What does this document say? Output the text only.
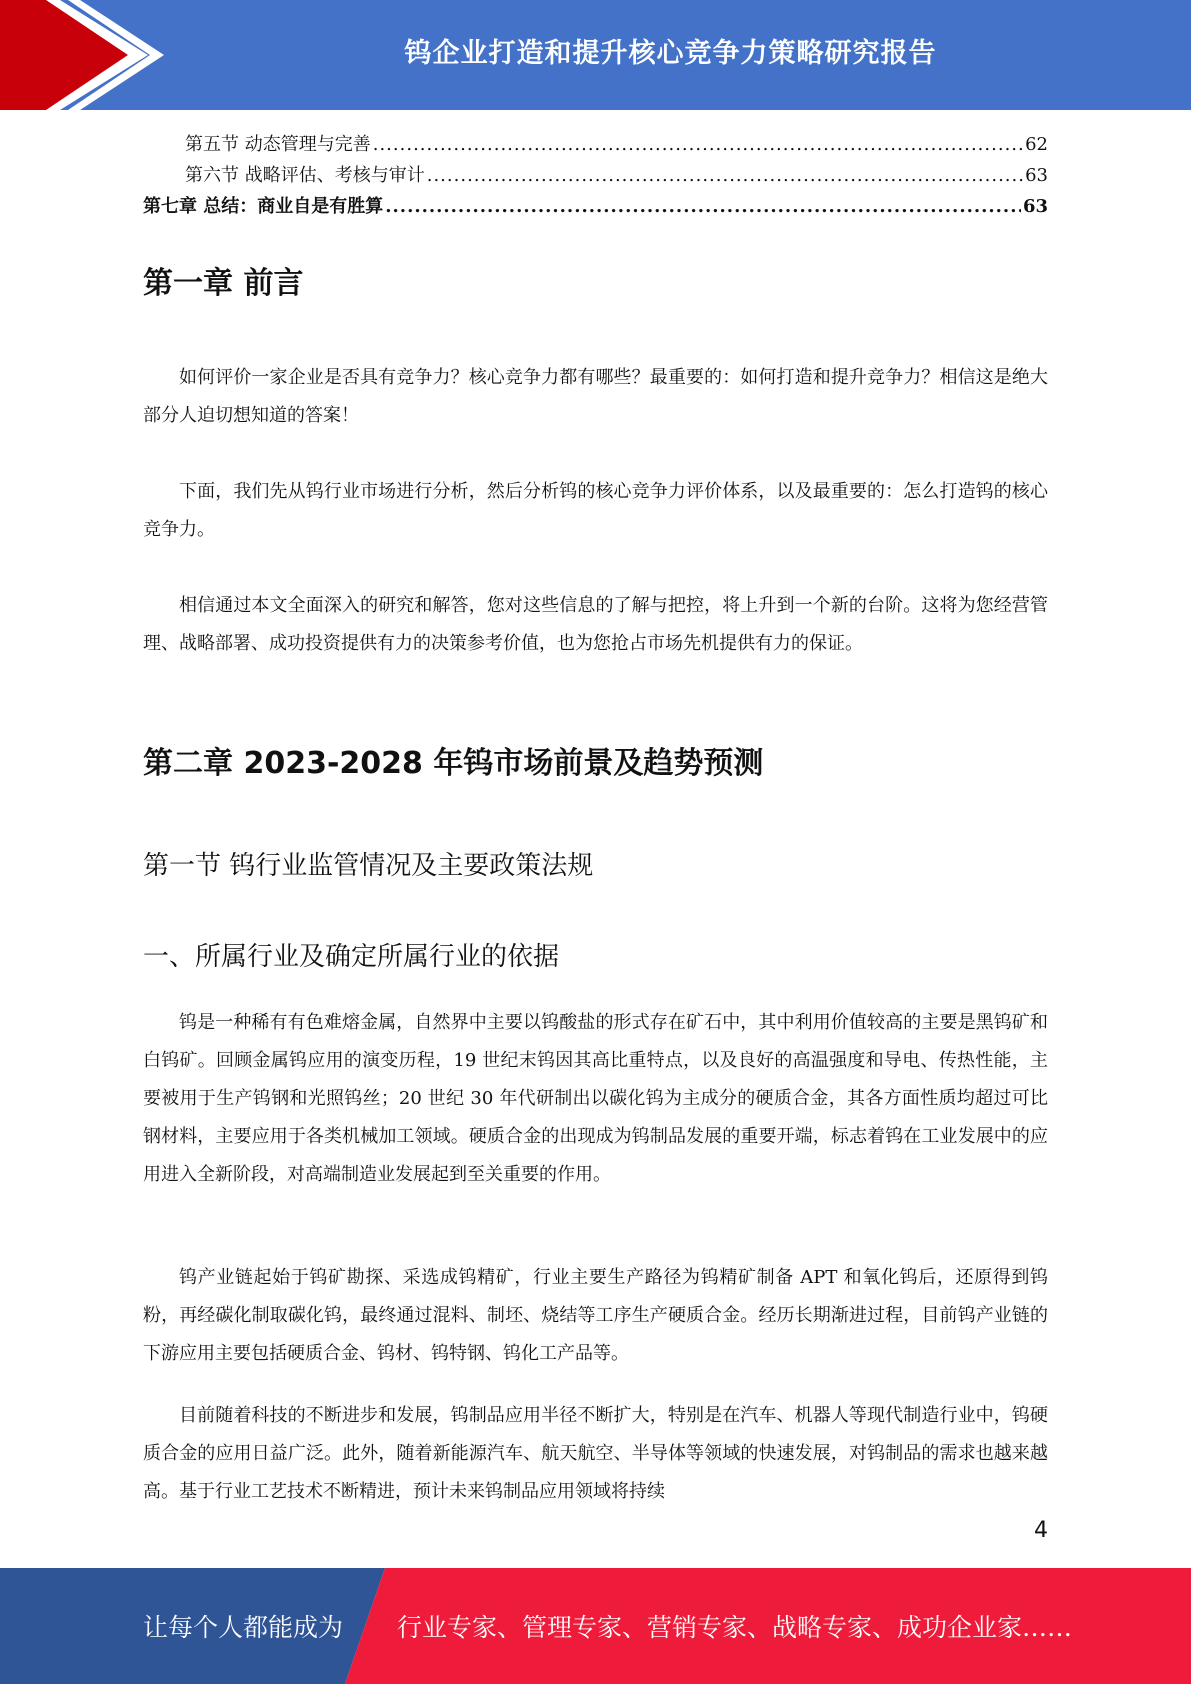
钨企业打造和提升核心竞争力策略研究报告
第五节 动态管理与完善 .....	62
第六节 战略评估、考核与审计 .....	63
第七章 总结：商业自是有胜算 .....	63
第一章 前言

如何评价一家企业是否具有竞争力？核心竞争力都有哪些？最重要的：如何打造和提升竞争力？相信这是绝大部分人迫切想知道的答案！

下面，我们先从钨行业市场进行分析，然后分析钨的核心竞争力评价体系，以及最重要的：怎么打造钨的核心竞争力。

相信通过本文全面深入的研究和解答，您对这些信息的了解与把控，将上升到一个新的台阶。这将为您经营管理、战略部署、成功投资提供有力的决策参考价值，也为您抢占市场先机提供有力的保证。

第二章 2023-2028 年钨市场前景及趋势预测
第一节 钨行业监管情况及主要政策法规
一、所属行业及确定所属行业的依据

钨是一种稀有有色难熔金属，自然界中主要以钨酸盐的形式存在矿石中，其中利用价值较高的主要是黑钨矿和白钨矿。回顾金属钨应用的演变历程，19 世纪末钨因其高比重特点，以及良好的高温强度和导电、传热性能，主要被用于生产钨钢和光照钨丝；20 世纪 30 年代研制出以碳化钨为主成分的硬质合金，其各方面性质均超过可比钢材料，主要应用于各类机械加工领域。硬质合金的出现成为钨制品发展的重要开端，标志着钨在工业发展中的应用进入全新阶段，对高端制造业发展起到至关重要的作用。

钨产业链起始于钨矿勘探、采选成钨精矿，行业主要生产路径为钨精矿制备 APT 和氧化钨后，还原得到钨粉，再经碳化制取碳化钨，最终通过混料、制坯、烧结等工序生产硬质合金。经历长期渐进过程，目前钨产业链的下游应用主要包括硬质合金、钨材、钨特钢、钨化工产品等。

目前随着科技的不断进步和发展，钨制品应用半径不断扩大，特别是在汽车、机器人等现代制造行业中，钨硬质合金的应用日益广泛。此外，随着新能源汽车、航天航空、半导体等领域的快速发展，对钨制品的需求也越来越高。基于行业工艺技术不断精进，预计未来钨制品应用领域将持续

4
让每个人都能成为 行业专家、管理专家、营销专家、战略专家、成功企业家……
